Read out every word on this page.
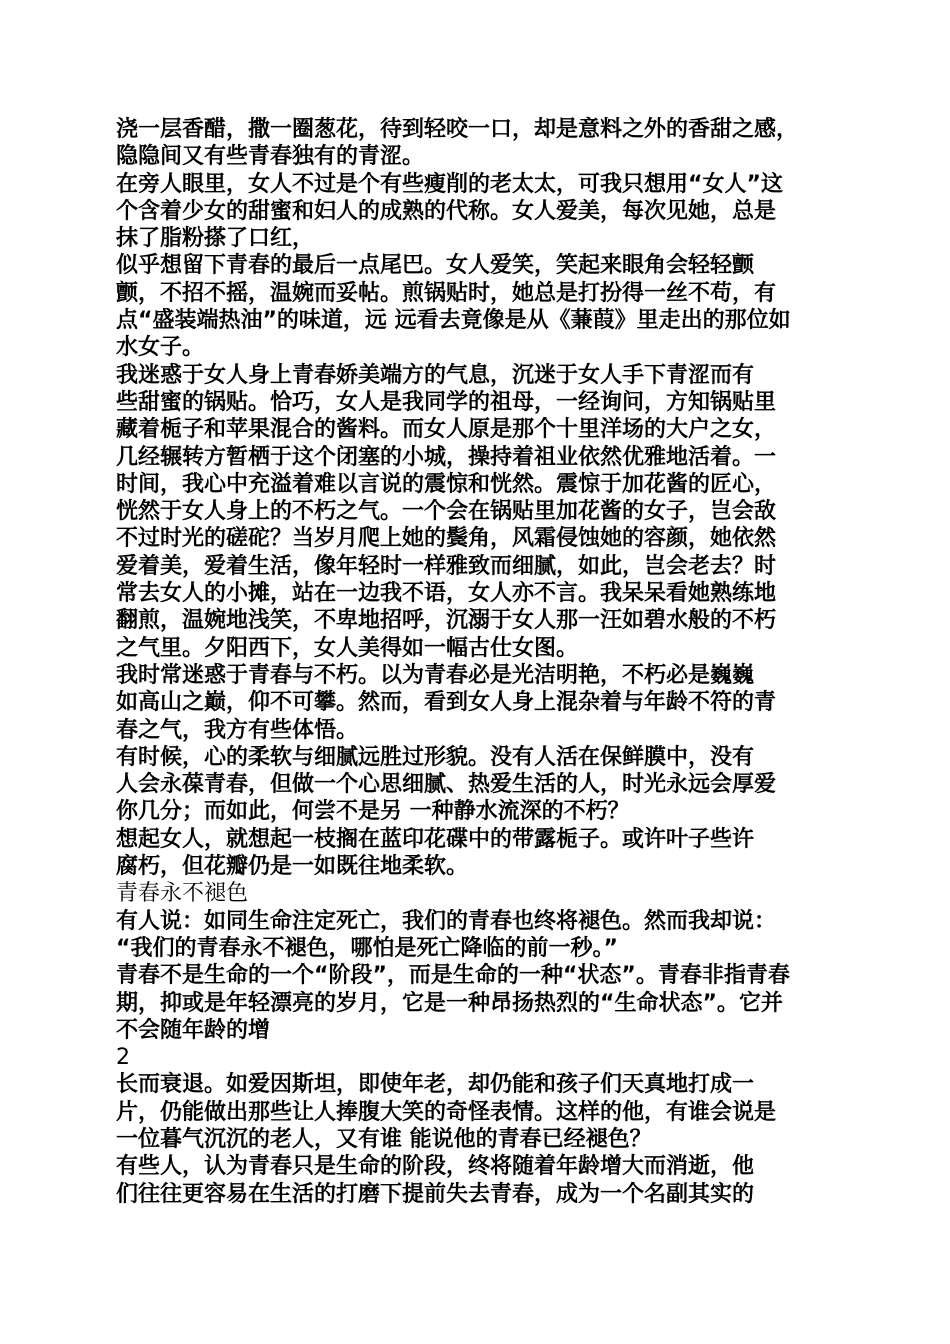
浇一层香醋，撒一圈葱花，待到轻咬一口，却是意料之外的香甜之感，
隐隐间又有些青春独有的青涩。
在旁人眼里，女人不过是个有些瘦削的老太太，可我只想用“女人”这
个含着少女的甜蜜和妇人的成熟的代称。女人爱美，每次见她，总是
抹了脂粉搽了口红，
似乎想留下青春的最后一点尾巴。女人爱笑，笑起来眼角会轻轻颤
颤，不招不摇，温婉而妥帖。煎锅贴时，她总是打扮得一丝不苟，有
点“盛装端热油”的味道，远 远看去竟像是从《蒹葭》里走出的那位如
水女子。
我迷惑于女人身上青春娇美端方的气息，沉迷于女人手下青涩而有
些甜蜜的锅贴。恰巧，女人是我同学的祖母，一经询问，方知锅贴里
藏着栀子和苹果混合的酱料。而女人原是那个十里洋场的大户之女，
几经辗转方暂栖于这个闭塞的小城，操持着祖业依然优雅地活着。一
时间，我心中充溢着难以言说的震惊和恍然。震惊于加花酱的匠心，
恍然于女人身上的不朽之气。一个会在锅贴里加花酱的女子，岂会敌
不过时光的磋砣？当岁月爬上她的鬓角，风霜侵蚀她的容颜，她依然
爱着美，爱着生活，像年轻时一样雅致而细腻，如此，岂会老去？时
常去女人的小摊，站在一边我不语，女人亦不言。我呆呆看她熟练地
翻煎，温婉地浅笑，不卑地招呼，沉溺于女人那一汪如碧水般的不朽
之气里。夕阳西下，女人美得如一幅古仕女图。
我时常迷惑于青春与不朽。以为青春必是光洁明艳，不朽必是巍巍
如高山之巅，仰不可攀。然而，看到女人身上混杂着与年龄不符的青
春之气，我方有些体悟。
有时候，心的柔软与细腻远胜过形貌。没有人活在保鲜膜中，没有
人会永葆青春，但做一个心思细腻、热爱生活的人，时光永远会厚爱
你几分；而如此，何尝不是另 一种静水流深的不朽？
想起女人，就想起一枝搁在蓝印花碟中的带露栀子。或许叶子些许
腐朽，但花瓣仍是一如既往地柔软。
青春永不褪色
有人说：如同生命注定死亡，我们的青春也终将褪色。然而我却说：
“我们的青春永不褪色，哪怕是死亡降临的前一秒。”
青春不是生命的一个“阶段”，而是生命的一种“状态”。青春非指青春
期，抑或是年轻漂亮的岁月，它是一种昂扬热烈的“生命状态”。它并
不会随年龄的增
2
长而衰退。如爱因斯坦，即使年老，却仍能和孩子们天真地打成一
片，仍能做出那些让人捧腹大笑的奇怪表情。这样的他，有谁会说是
一位暮气沉沉的老人，又有谁 能说他的青春已经褪色？
有些人，认为青春只是生命的阶段，终将随着年龄增大而消逝，他
们往往更容易在生活的打磨下提前失去青春，成为一个名副其实的
